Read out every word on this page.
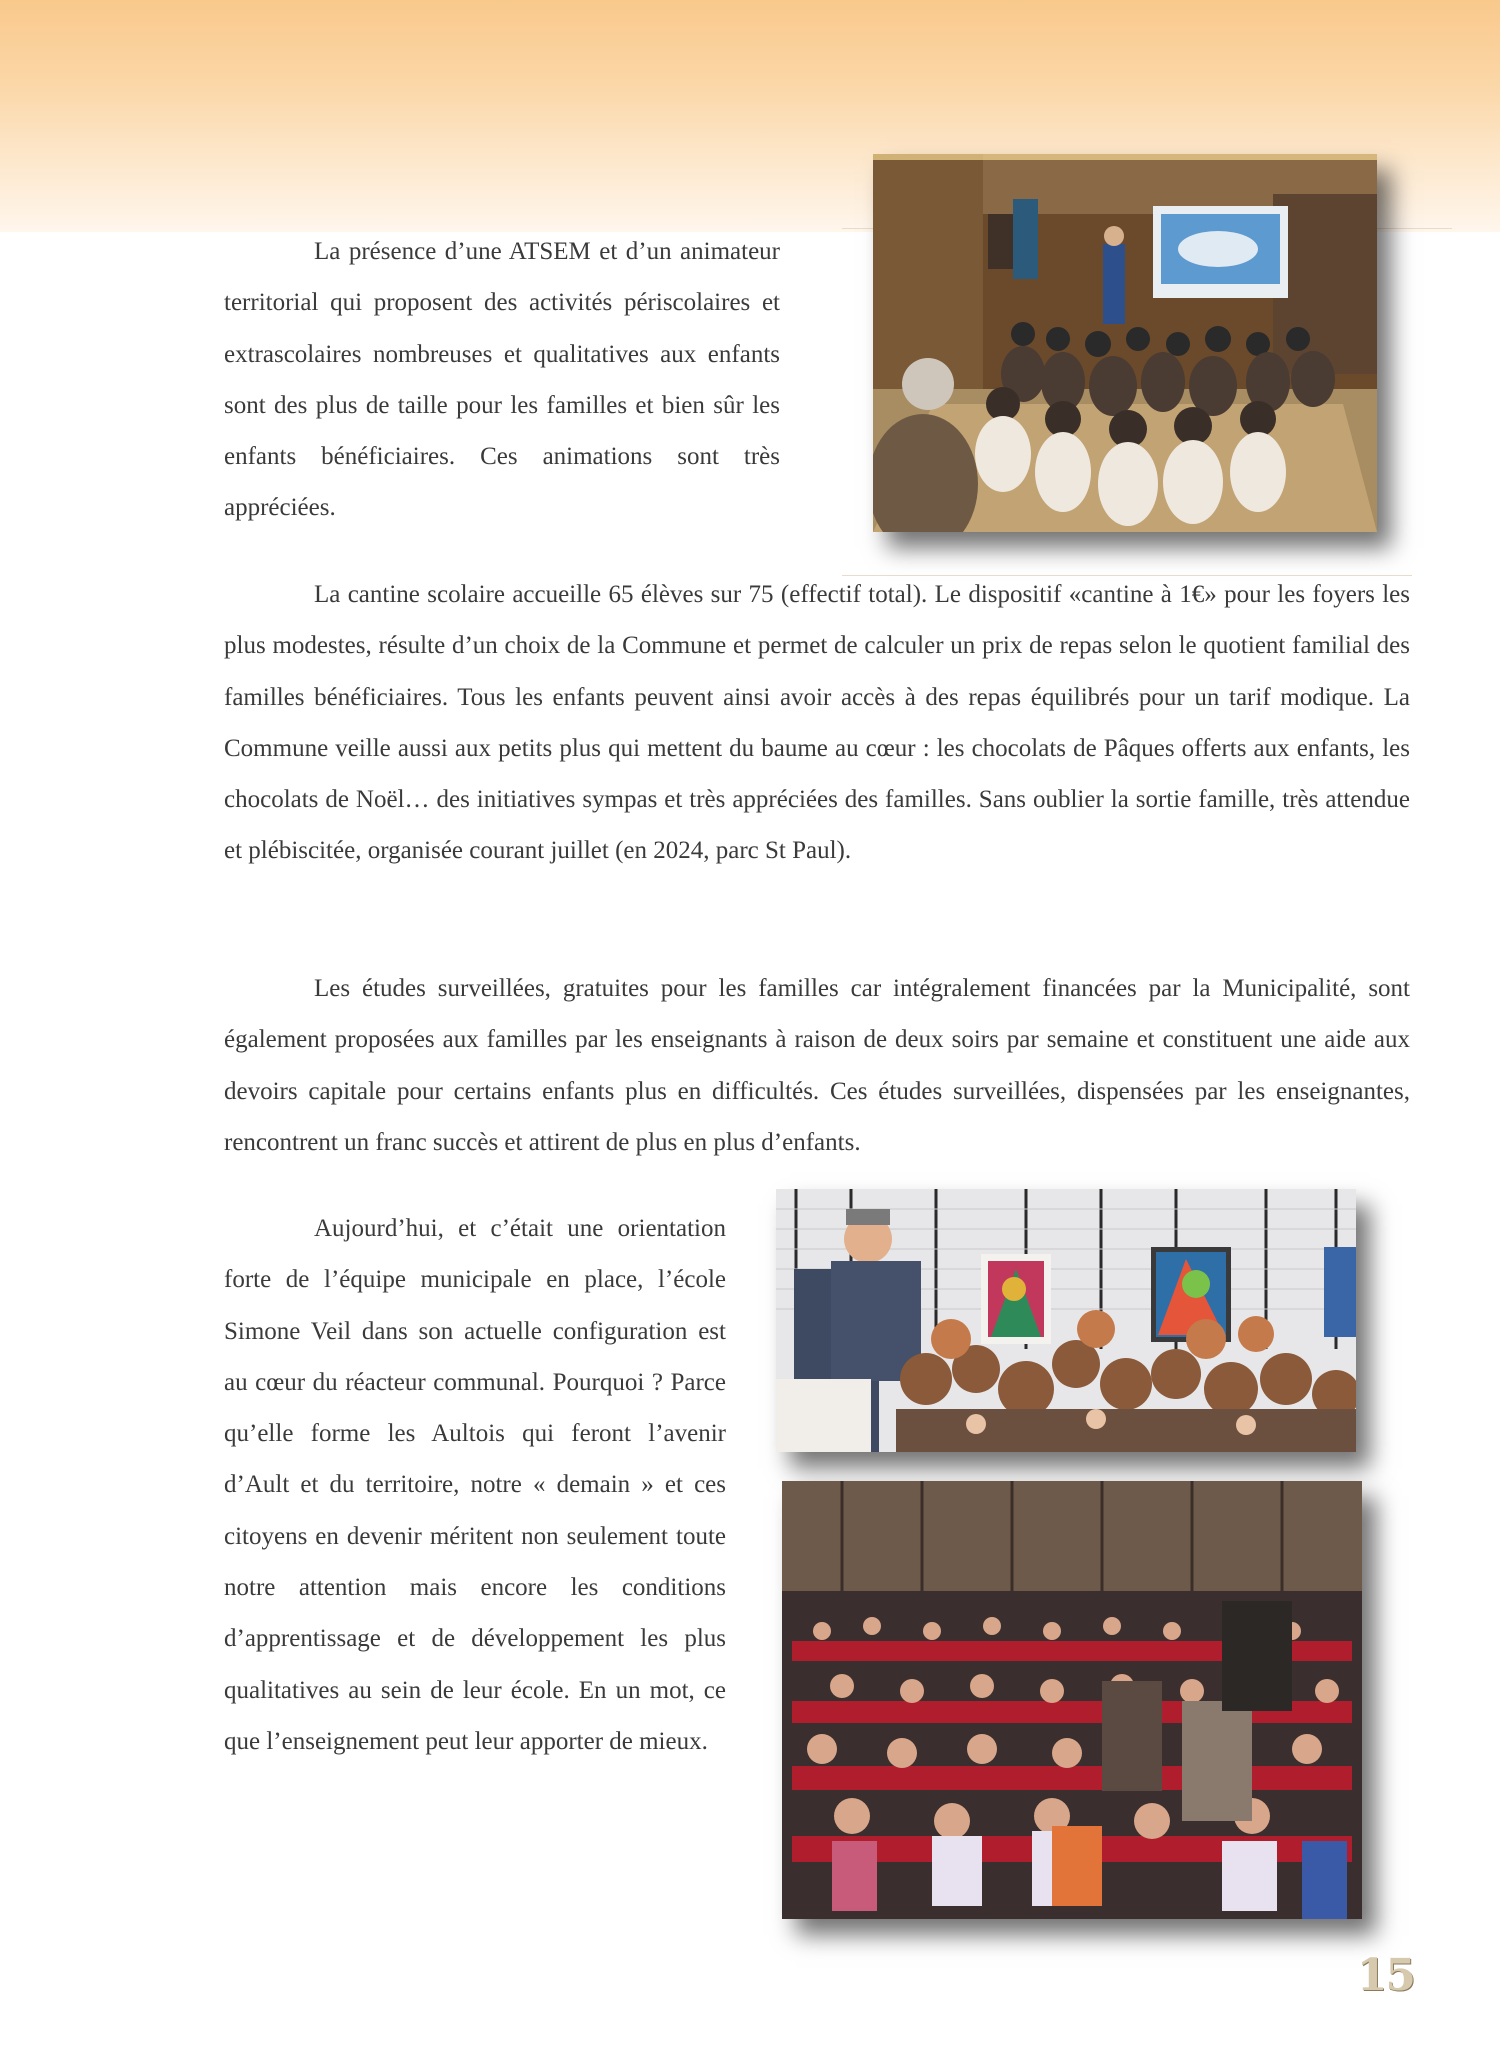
La présence d’une ATSEM et d’un animateur territorial qui proposent des activités périscolaires et extrascolaires nombreuses et qualitatives aux enfants sont des plus de taille pour les familles et bien sûr les enfants bénéficiaires. Ces animations sont très appréciées.

La cantine scolaire accueille 65 élèves sur 75 (effectif total). Le dispositif «cantine à 1€» pour les foyers les plus modestes, résulte d’un choix de la Commune et permet de calculer un prix de repas selon le quotient familial des familles bénéficiaires. Tous les enfants peuvent ainsi avoir accès à des repas équilibrés pour un tarif modique. La Commune veille aussi aux petits plus qui mettent du baume au cœur : les chocolats de Pâques offerts aux enfants, les chocolats de Noël… des initiatives sympas et très appréciées des familles. Sans oublier la sortie famille, très attendue et plébiscitée, organisée courant juillet (en 2024, parc St Paul).

Les études surveillées, gratuites pour les familles car intégralement financées par la Municipalité, sont également proposées aux familles par les enseignants à raison de deux soirs par semaine et constituent une aide aux devoirs capitale pour certains enfants plus en difficultés. Ces études surveillées, dispensées par les enseignantes, rencontrent un franc succès et attirent de plus en plus d’enfants.

Aujourd’hui, et c’était une orientation forte de l’équipe municipale en place, l’école Simone Veil dans son actuelle configuration est au cœur du réacteur communal. Pourquoi ? Parce qu’elle forme les Aultois qui feront l’avenir d’Ault et du territoire, notre « demain » et ces citoyens en devenir méritent non seulement toute notre attention mais encore les conditions d’apprentissage et de développement les plus qualitatives au sein de leur école. En un mot, ce que l’enseignement peut leur apporter de mieux.

15
